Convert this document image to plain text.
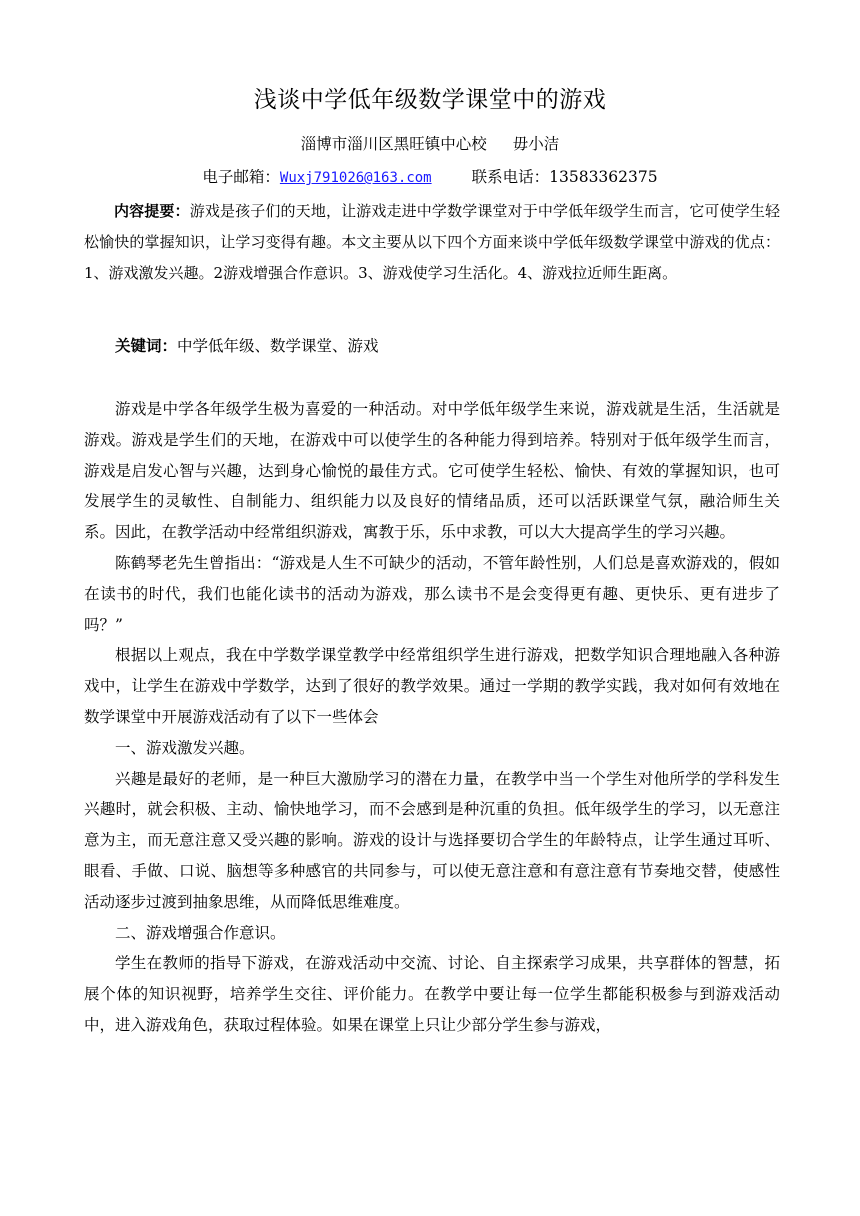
浅谈中学低年级数学课堂中的游戏
淄博市淄川区黑旺镇中心校 毋小洁
电子邮箱：Wuxj791026@163.com	联系电话：13583362375

内容提要：游戏是孩子们的天地，让游戏走进中学数学课堂对于中学低年级学生而言，它可使学生轻松愉快的掌握知识，让学习变得有趣。本文主要从以下四个方面来谈中学低年级数学课堂中游戏的优点：1、游戏激发兴趣。2游戏增强合作意识。3、游戏使学习生活化。4、游戏拉近师生距离。

关键词：中学低年级、数学课堂、游戏

游戏是中学各年级学生极为喜爱的一种活动。对中学低年级学生来说，游戏就是生活，生活就是游戏。游戏是学生们的天地，在游戏中可以使学生的各种能力得到培养。特别对于低年级学生而言，游戏是启发心智与兴趣，达到身心愉悦的最佳方式。它可使学生轻松、愉快、有效的掌握知识，也可发展学生的灵敏性、自制能力、组织能力以及良好的情绪品质，还可以活跃课堂气氛，融洽师生关系。因此，在教学活动中经常组织游戏，寓教于乐，乐中求教，可以大大提高学生的学习兴趣。

陈鹤琴老先生曾指出：“游戏是人生不可缺少的活动，不管年龄性别，人们总是喜欢游戏的，假如在读书的时代，我们也能化读书的活动为游戏，那么读书不是会变得更有趣、更快乐、更有进步了吗？”

根据以上观点，我在中学数学课堂教学中经常组织学生进行游戏，把数学知识合理地融入各种游戏中，让学生在游戏中学数学，达到了很好的教学效果。通过一学期的教学实践，我对如何有效地在数学课堂中开展游戏活动有了以下一些体会

一、游戏激发兴趣。

兴趣是最好的老师，是一种巨大激励学习的潜在力量，在教学中当一个学生对他所学的学科发生兴趣时，就会积极、主动、愉快地学习，而不会感到是种沉重的负担。低年级学生的学习，以无意注意为主，而无意注意又受兴趣的影响。游戏的设计与选择要切合学生的年龄特点，让学生通过耳听、眼看、手做、口说、脑想等多种感官的共同参与，可以使无意注意和有意注意有节奏地交替，使感性活动逐步过渡到抽象思维，从而降低思维难度。

二、游戏增强合作意识。

学生在教师的指导下游戏，在游戏活动中交流、讨论、自主探索学习成果，共享群体的智慧，拓展个体的知识视野，培养学生交往、评价能力。在教学中要让每一位学生都能积极参与到游戏活动中，进入游戏角色，获取过程体验。如果在课堂上只让少部分学生参与游戏，
